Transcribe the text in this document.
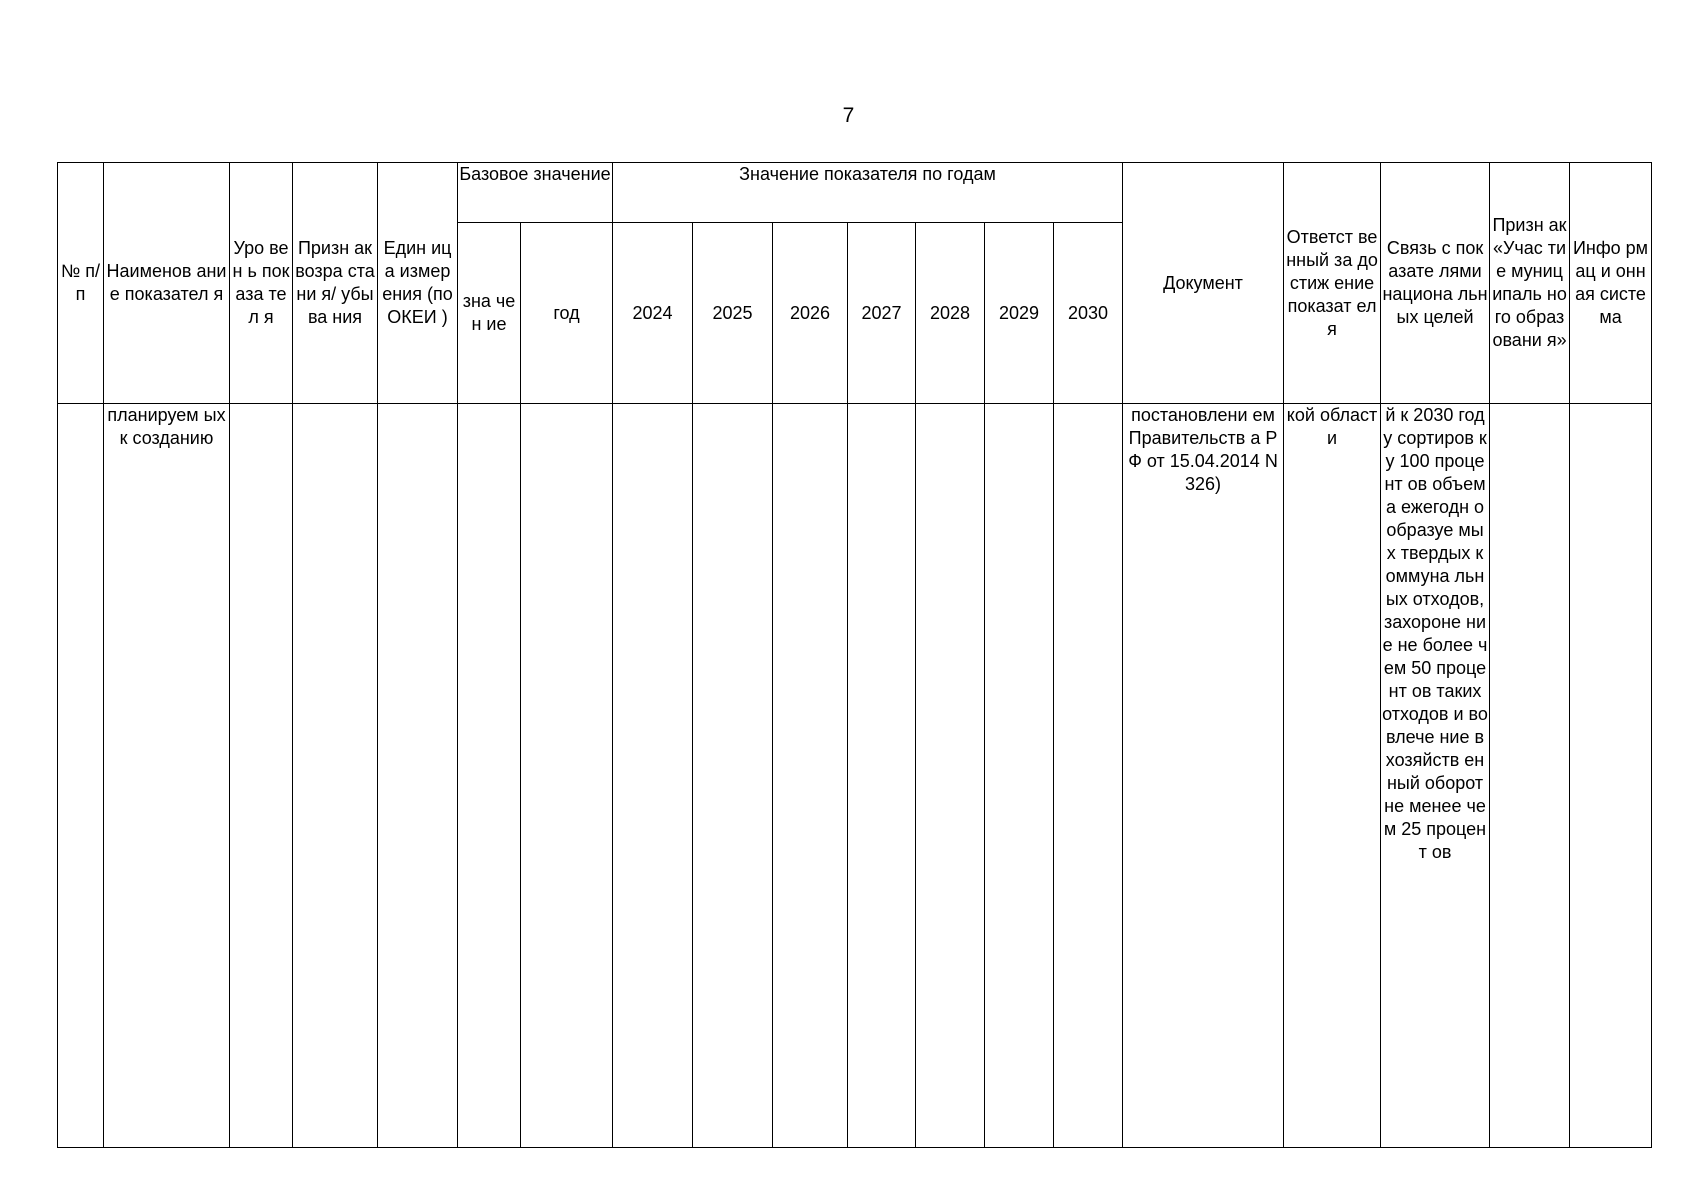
7
№ п/п	Наименов ание показател я	Уро вен ь пок аза тел я	Призн ак возра стани я/ убыва ния	Един ица измер ения (по ОКЕИ )	Базовое значение		Значение показателя по годам							Документ	Ответст венный за достиж ение показат еля	Связь с показате лями национа льных целей	Призн ак «Учас тие муниц ипаль ного образ овани я»	Инфо рмац и онная систе ма
					зна чен ие	год	2024	2025	2026	2027	2028	2029	2030					
	планируем ых к созданию													постановлени ем Правительств а РФ от 15.04.2014 N 326)	кой област и	й к 2030 году сортиров ку 100 процент ов объема ежегодн о образуе мых твердых коммуна льных отходов, захороне ние не более чем 50 процент ов таких отходов и вовлече ние в хозяйств енный оборот не менее чем 25 процент ов		
